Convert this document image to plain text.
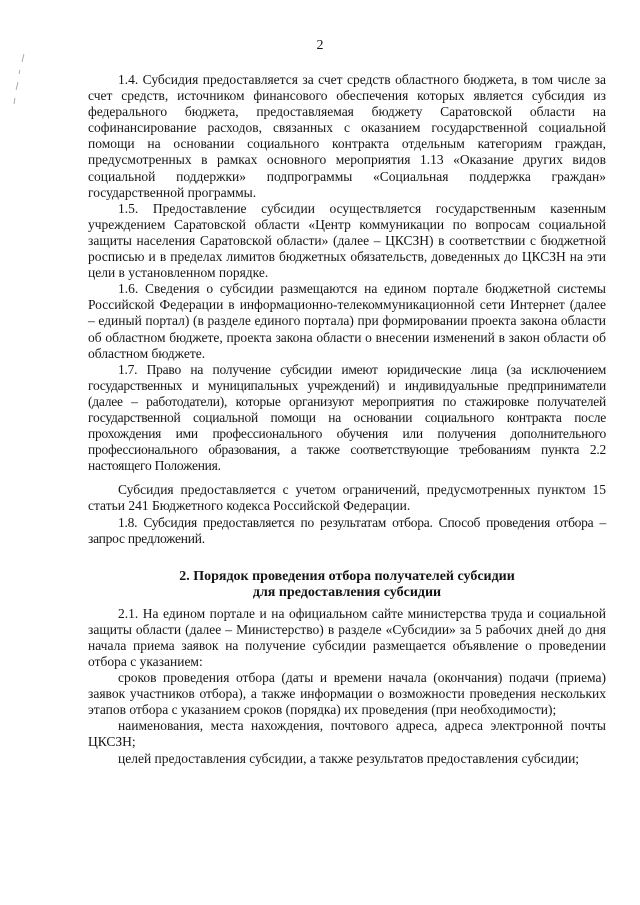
2

1.4. Субсидия предоставляется за счет средств областного бюджета, в том числе за счет средств, источником финансового обеспечения которых является субсидия из федерального бюджета, предоставляемая бюджету Саратовской области на софинансирование расходов, связанных с оказанием государственной социальной помощи на основании социального контракта отдельным категориям граждан, предусмотренных в рамках основного мероприятия 1.13 «Оказание других видов социальной поддержки» подпрограммы «Социальная поддержка граждан» государственной программы.

1.5. Предоставление субсидии осуществляется государственным казенным учреждением Саратовской области «Центр коммуникации по вопросам социальной защиты населения Саратовской области» (далее – ЦКСЗН) в соответствии с бюджетной росписью и в пределах лимитов бюджетных обязательств, доведенных до ЦКСЗН на эти цели в установленном порядке.

1.6. Сведения о субсидии размещаются на едином портале бюджетной системы Российской Федерации в информационно-телекоммуникационной сети Интернет (далее – единый портал) (в разделе единого портала) при формировании проекта закона области об областном бюджете, проекта закона области о внесении изменений в закон области об областном бюджете.

1.7. Право на получение субсидии имеют юридические лица (за исключением государственных и муниципальных учреждений) и индивидуальные предприниматели (далее – работодатели), которые организуют мероприятия по стажировке получателей государственной социальной помощи на основании социального контракта после прохождения ими профессионального обучения или получения дополнительного профессионального образования, а также соответствующие требованиям пункта 2.2 настоящего Положения.

Субсидия предоставляется с учетом ограничений, предусмотренных пунктом 15 статьи 241 Бюджетного кодекса Российской Федерации.

1.8. Субсидия предоставляется по результатам отбора. Способ проведения отбора – запрос предложений.

2. Порядок проведения отбора получателей субсидии
для предоставления субсидии

2.1. На едином портале и на официальном сайте министерства труда и социальной защиты области (далее – Министерство) в разделе «Субсидии» за 5 рабочих дней до дня начала приема заявок на получение субсидии размещается объявление о проведении отбора с указанием:

сроков проведения отбора (даты и времени начала (окончания) подачи (приема) заявок участников отбора), а также информации о возможности проведения нескольких этапов отбора с указанием сроков (порядка) их проведения (при необходимости);

наименования, места нахождения, почтового адреса, адреса электронной почты ЦКСЗН;

целей предоставления субсидии, а также результатов предоставления субсидии;
